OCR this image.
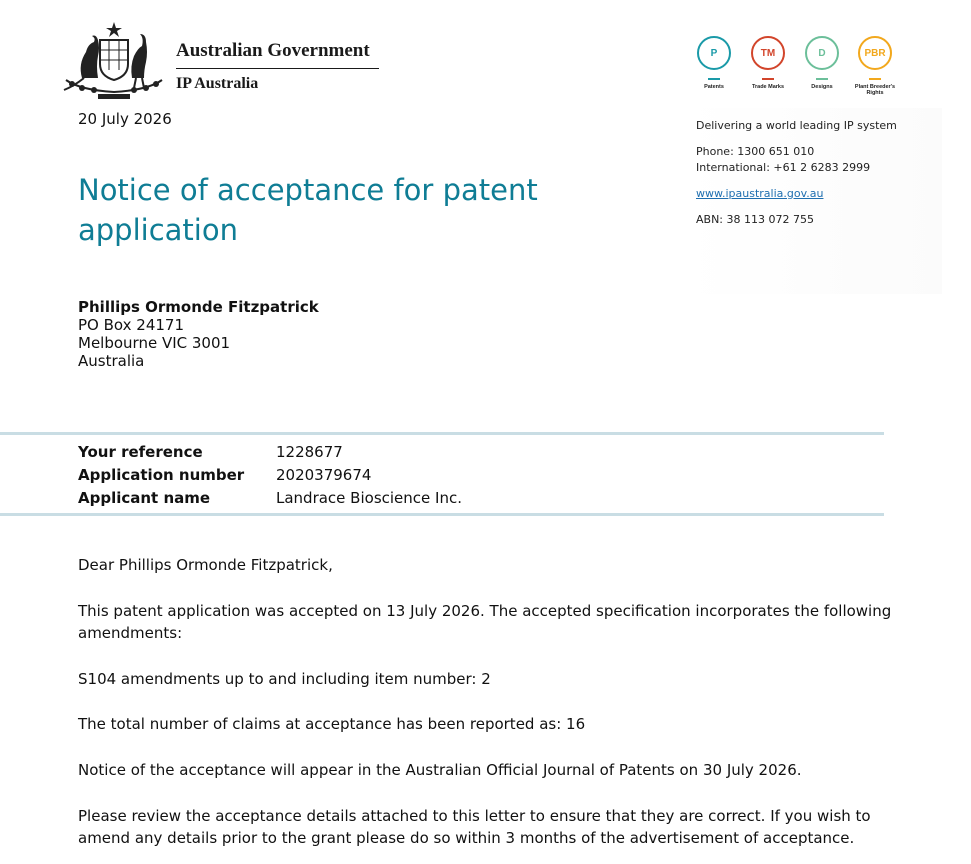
Australian Government
IP Australia
P
Patents
TM
Trade Marks
D
Designs
PBR
Plant Breeder's Rights
Delivering a world leading IP system
Phone: 1300 651 010
International: +61 2 6283 2999
www.ipaustralia.gov.au
ABN: 38 113 072 755
20 July 2026
Notice of acceptance for patent application
Phillips Ormonde Fitzpatrick
PO Box 24171
Melbourne VIC 3001
Australia
Your reference	1228677
Application number 2020379674
Applicant name	Landrace Bioscience Inc.
Dear Phillips Ormonde Fitzpatrick,
This patent application was accepted on 13 July 2026. The accepted specification incorporates the following amendments:
S104 amendments up to and including item number: 2
The total number of claims at acceptance has been reported as: 16
Notice of the acceptance will appear in the Australian Official Journal of Patents on 30 July 2026.
Please review the acceptance details attached to this letter to ensure that they are correct. If you wish to amend any details prior to the grant please do so within 3 months of the advertisement of acceptance.
